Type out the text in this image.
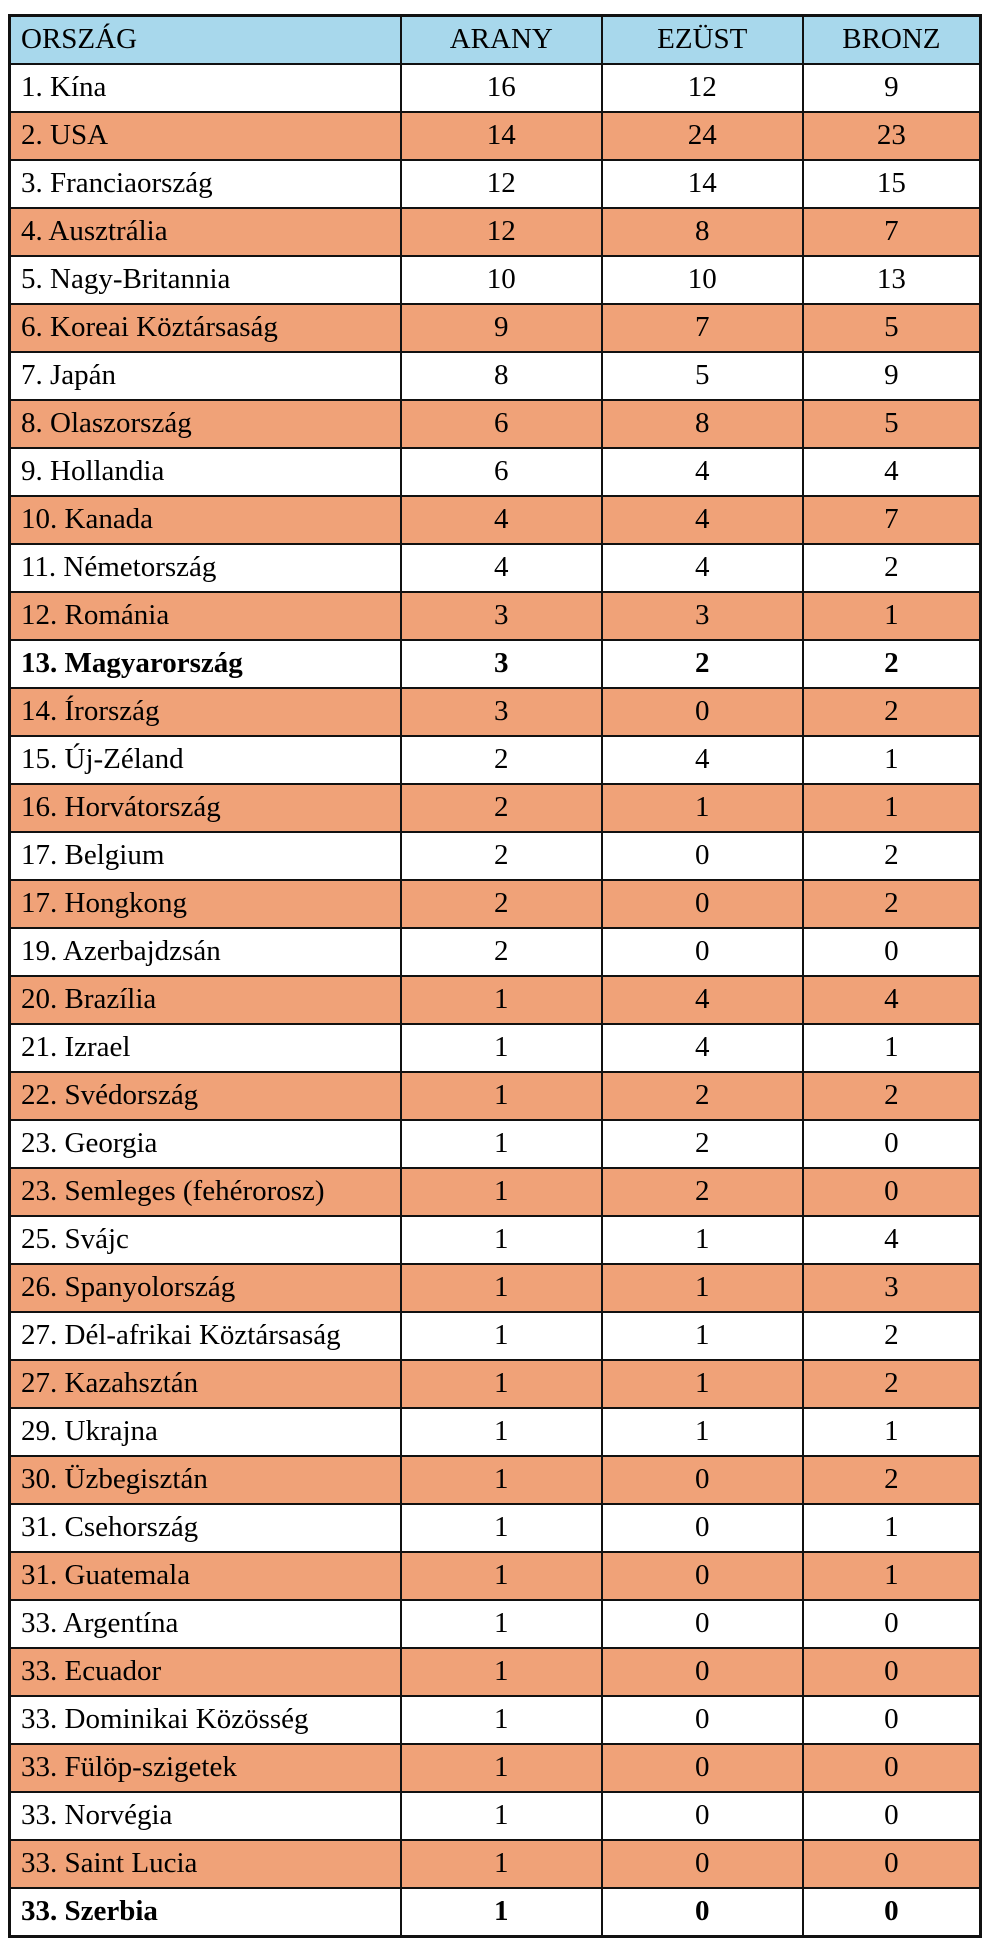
ORSZÁG	ARANY	EZÜST	BRONZ
1. Kína	16	12	9
2. USA	14	24	23
3. Franciaország	12	14	15
4. Ausztrália	12	8	7
5. Nagy-Britannia	10	10	13
6. Koreai Köztársaság	9	7	5
7. Japán	8	5	9
8. Olaszország	6	8	5
9. Hollandia	6	4	4
10. Kanada	4	4	7
11. Németország	4	4	2
12. Románia	3	3	1
13. Magyarország	3	2	2
14. Írország	3	0	2
15. Új-Zéland	2	4	1
16. Horvátország	2	1	1
17. Belgium	2	0	2
17. Hongkong	2	0	2
19. Azerbajdzsán	2	0	0
20. Brazília	1	4	4
21. Izrael	1	4	1
22. Svédország	1	2	2
23. Georgia	1	2	0
23. Semleges (fehérorosz)	1	2	0
25. Svájc	1	1	4
26. Spanyolország	1	1	3
27. Dél-afrikai Köztársaság	1	1	2
27. Kazahsztán	1	1	2
29. Ukrajna	1	1	1
30. Üzbegisztán	1	0	2
31. Csehország	1	0	1
31. Guatemala	1	0	1
33. Argentína	1	0	0
33. Ecuador	1	0	0
33. Dominikai Közösség	1	0	0
33. Fülöp-szigetek	1	0	0
33. Norvégia	1	0	0
33. Saint Lucia	1	0	0
33. Szerbia	1	0	0
